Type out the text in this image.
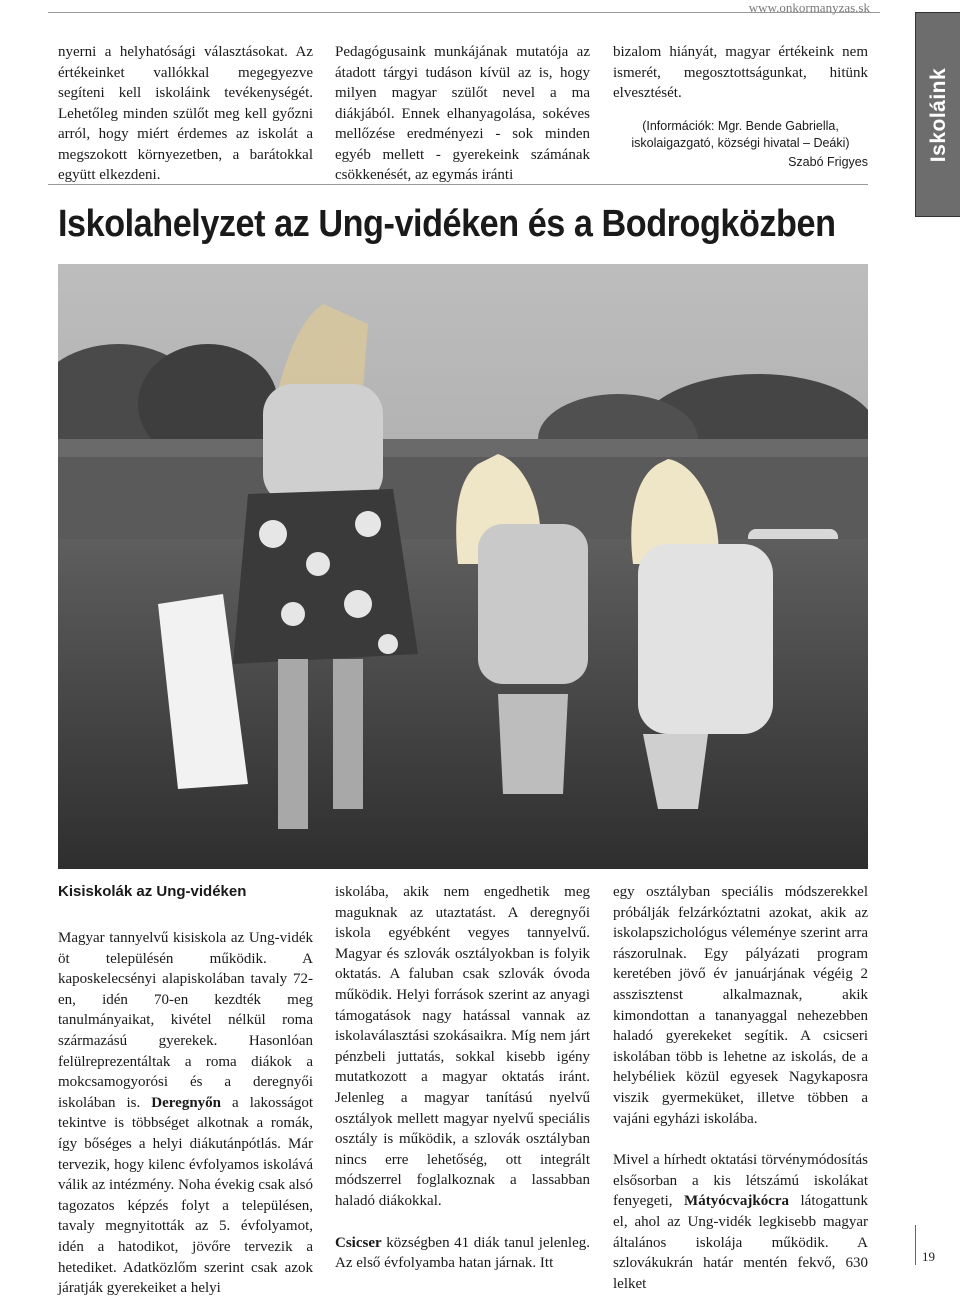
www.onkormanyzas.sk
Iskoláink

nyerni a helyhatósági választásokat. Az értékeinket vallókkal megegyezve segíteni kell iskoláink tevékenységét. Lehetőleg minden szülőt meg kell győzni arról, hogy miért érdemes az iskolát a megszokott környezetben, a barátokkal együtt elkezdeni.

Pedagógusaink munkájának mutatója az átadott tárgyi tudáson kívül az is, hogy milyen magyar szülőt nevel a ma diákjából. Ennek elhanyagolása, sokéves mellőzése eredményezi - sok minden egyéb mellett - gyerekeink számának csökkenését, az egymás iránti

bizalom hiányát, magyar értékeink nem ismerét, megosztottságunkat, hitünk elvesztését.

(Információk: Mgr. Bende Gabriella, iskolaigazgató, községi hivatal – Deáki)

Szabó Frigyes

Iskolahelyzet az Ung-vidéken és a Bodrogközben
Kisiskolák az Ung-vidéken

Magyar tannyelvű kisiskola az Ung-vidék öt településén működik. A kaposkelecsényi alapiskolában tavaly 72-en, idén 70-en kezdték meg tanulmányaikat, kivétel nélkül roma származású gyerekek. Hasonlóan felülreprezentáltak a roma diákok a mokcsamogyorósi és a deregnyői iskolában is. Deregnyőn a lakosságot tekintve is többséget alkotnak a romák, így bőséges a helyi diákutánpótlás. Már tervezik, hogy kilenc évfolyamos iskolává válik az intézmény. Noha évekig csak alsó tagozatos képzés folyt a településen, tavaly megnyitották az 5. évfolyamot, idén a hatodikot, jövőre tervezik a hetediket. Adatközlőm szerint csak azok járatják gyerekeiket a helyi

iskolába, akik nem engedhetik meg maguknak az utaztatást. A deregnyői iskola egyébként vegyes tannyelvű. Magyar és szlovák osztályokban is folyik oktatás. A faluban csak szlovák óvoda működik. Helyi források szerint az anyagi támogatások nagy hatással vannak az iskolaválasztási szokásaikra. Míg nem járt pénzbeli juttatás, sokkal kisebb igény mutatkozott a magyar oktatás iránt. Jelenleg a magyar tanítású nyelvű osztályok mellett magyar nyelvű speciális osztály is működik, a szlovák osztályban nincs erre lehetőség, ott integrált módszerrel foglalkoznak a lassabban haladó diákokkal.

Csicser községben 41 diák tanul jelenleg. Az első évfolyamba hatan járnak. Itt

egy osztályban speciális módszerekkel próbálják felzárkóztatni azokat, akik az iskolapszichológus véleménye szerint arra rászorulnak. Egy pályázati program keretében jövő év januárjának végéig 2 asszisztenst alkalmaznak, akik kimondottan a tananyaggal nehezebben haladó gyerekeket segítik. A csicseri iskolában több is lehetne az iskolás, de a helybéliek közül egyesek Nagykaposra viszik gyermeküket, illetve többen a vajáni egyházi iskolába.

Mivel a hírhedt oktatási törvénymódosítás elsősorban a kis létszámú iskolákat fenyegeti, Mátyócvajkócra látogattunk el, ahol az Ung-vidék legkisebb magyar általános iskolája működik. A szlovákukrán határ mentén fekvő, 630 lelket

19
